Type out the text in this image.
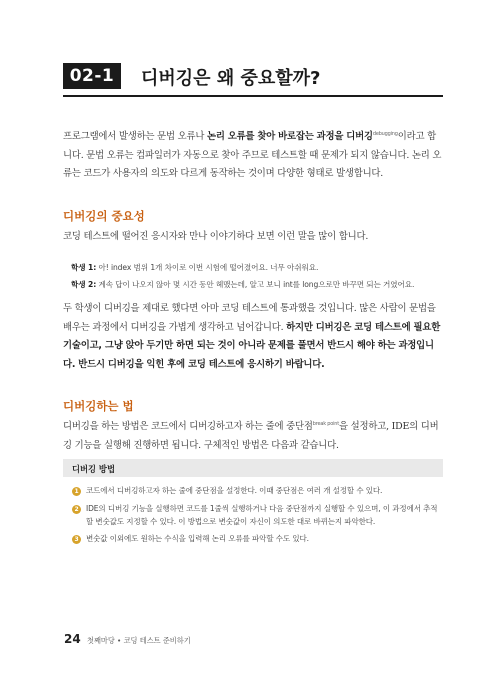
02-1	디버깅은 왜 중요할까?
프로그램에서 발생하는 문법 오류나 논리 오류를 찾아 바로잡는 과정을 디버깅$^{debugging}$이라고 합니다. 문법 오류는 컴파일러가 자동으로 찾아 주므로 테스트할 때 문제가 되지 않습니다. 논리 오류는 코드가 사용자의 의도와 다르게 동작하는 것이며 다양한 형태로 발생합니다.
디버깅의 중요성
코딩 테스트에 떨어진 응시자와 만나 이야기하다 보면 이런 말을 많이 합니다.
학생 1: 아! index 범위 1개 차이로 이번 시험에 떨어졌어요. 너무 아쉬워요.
학생 2: 계속 답이 나오지 않아 몇 시간 동안 헤맸는데, 알고 보니 int를 long으로만 바꾸면 되는 거였어요.
두 학생이 디버깅을 제대로 했다면 아마 코딩 테스트에 통과했을 것입니다. 많은 사람이 문법을 배우는 과정에서 디버깅을 가볍게 생각하고 넘어갑니다. 하지만 디버깅은 코딩 테스트에 필요한 기술이고, 그냥 앉아 두기만 하면 되는 것이 아니라 문제를 풀면서 반드시 해야 하는 과정입니다. 반드시 디버깅을 익힌 후에 코딩 테스트에 응시하기 바랍니다.
디버깅하는 법
디버깅을 하는 방법은 코드에서 디버깅하고자 하는 줄에 중단점$^{break point}$을 설정하고, IDE의 디버깅 기능을 실행해 진행하면 됩니다. 구체적인 방법은 다음과 같습니다.
디버깅 방법
1 코드에서 디버깅하고자 하는 줄에 중단점을 설정한다. 이때 중단점은 여러 개 설정할 수 있다.
2 IDE의 디버깅 기능을 실행하면 코드를 1줄씩 실행하거나 다음 중단점까지 실행할 수 있으며, 이 과정에서 추적할 변숫값도 지정할 수 있다. 이 방법으로 변숫값이 자신이 의도한 대로 바뀌는지 파악한다.
3 변숫값 이외에도 원하는 수식을 입력해 논리 오류를 파악할 수도 있다.
24 첫째마당 • 코딩 테스트 준비하기
